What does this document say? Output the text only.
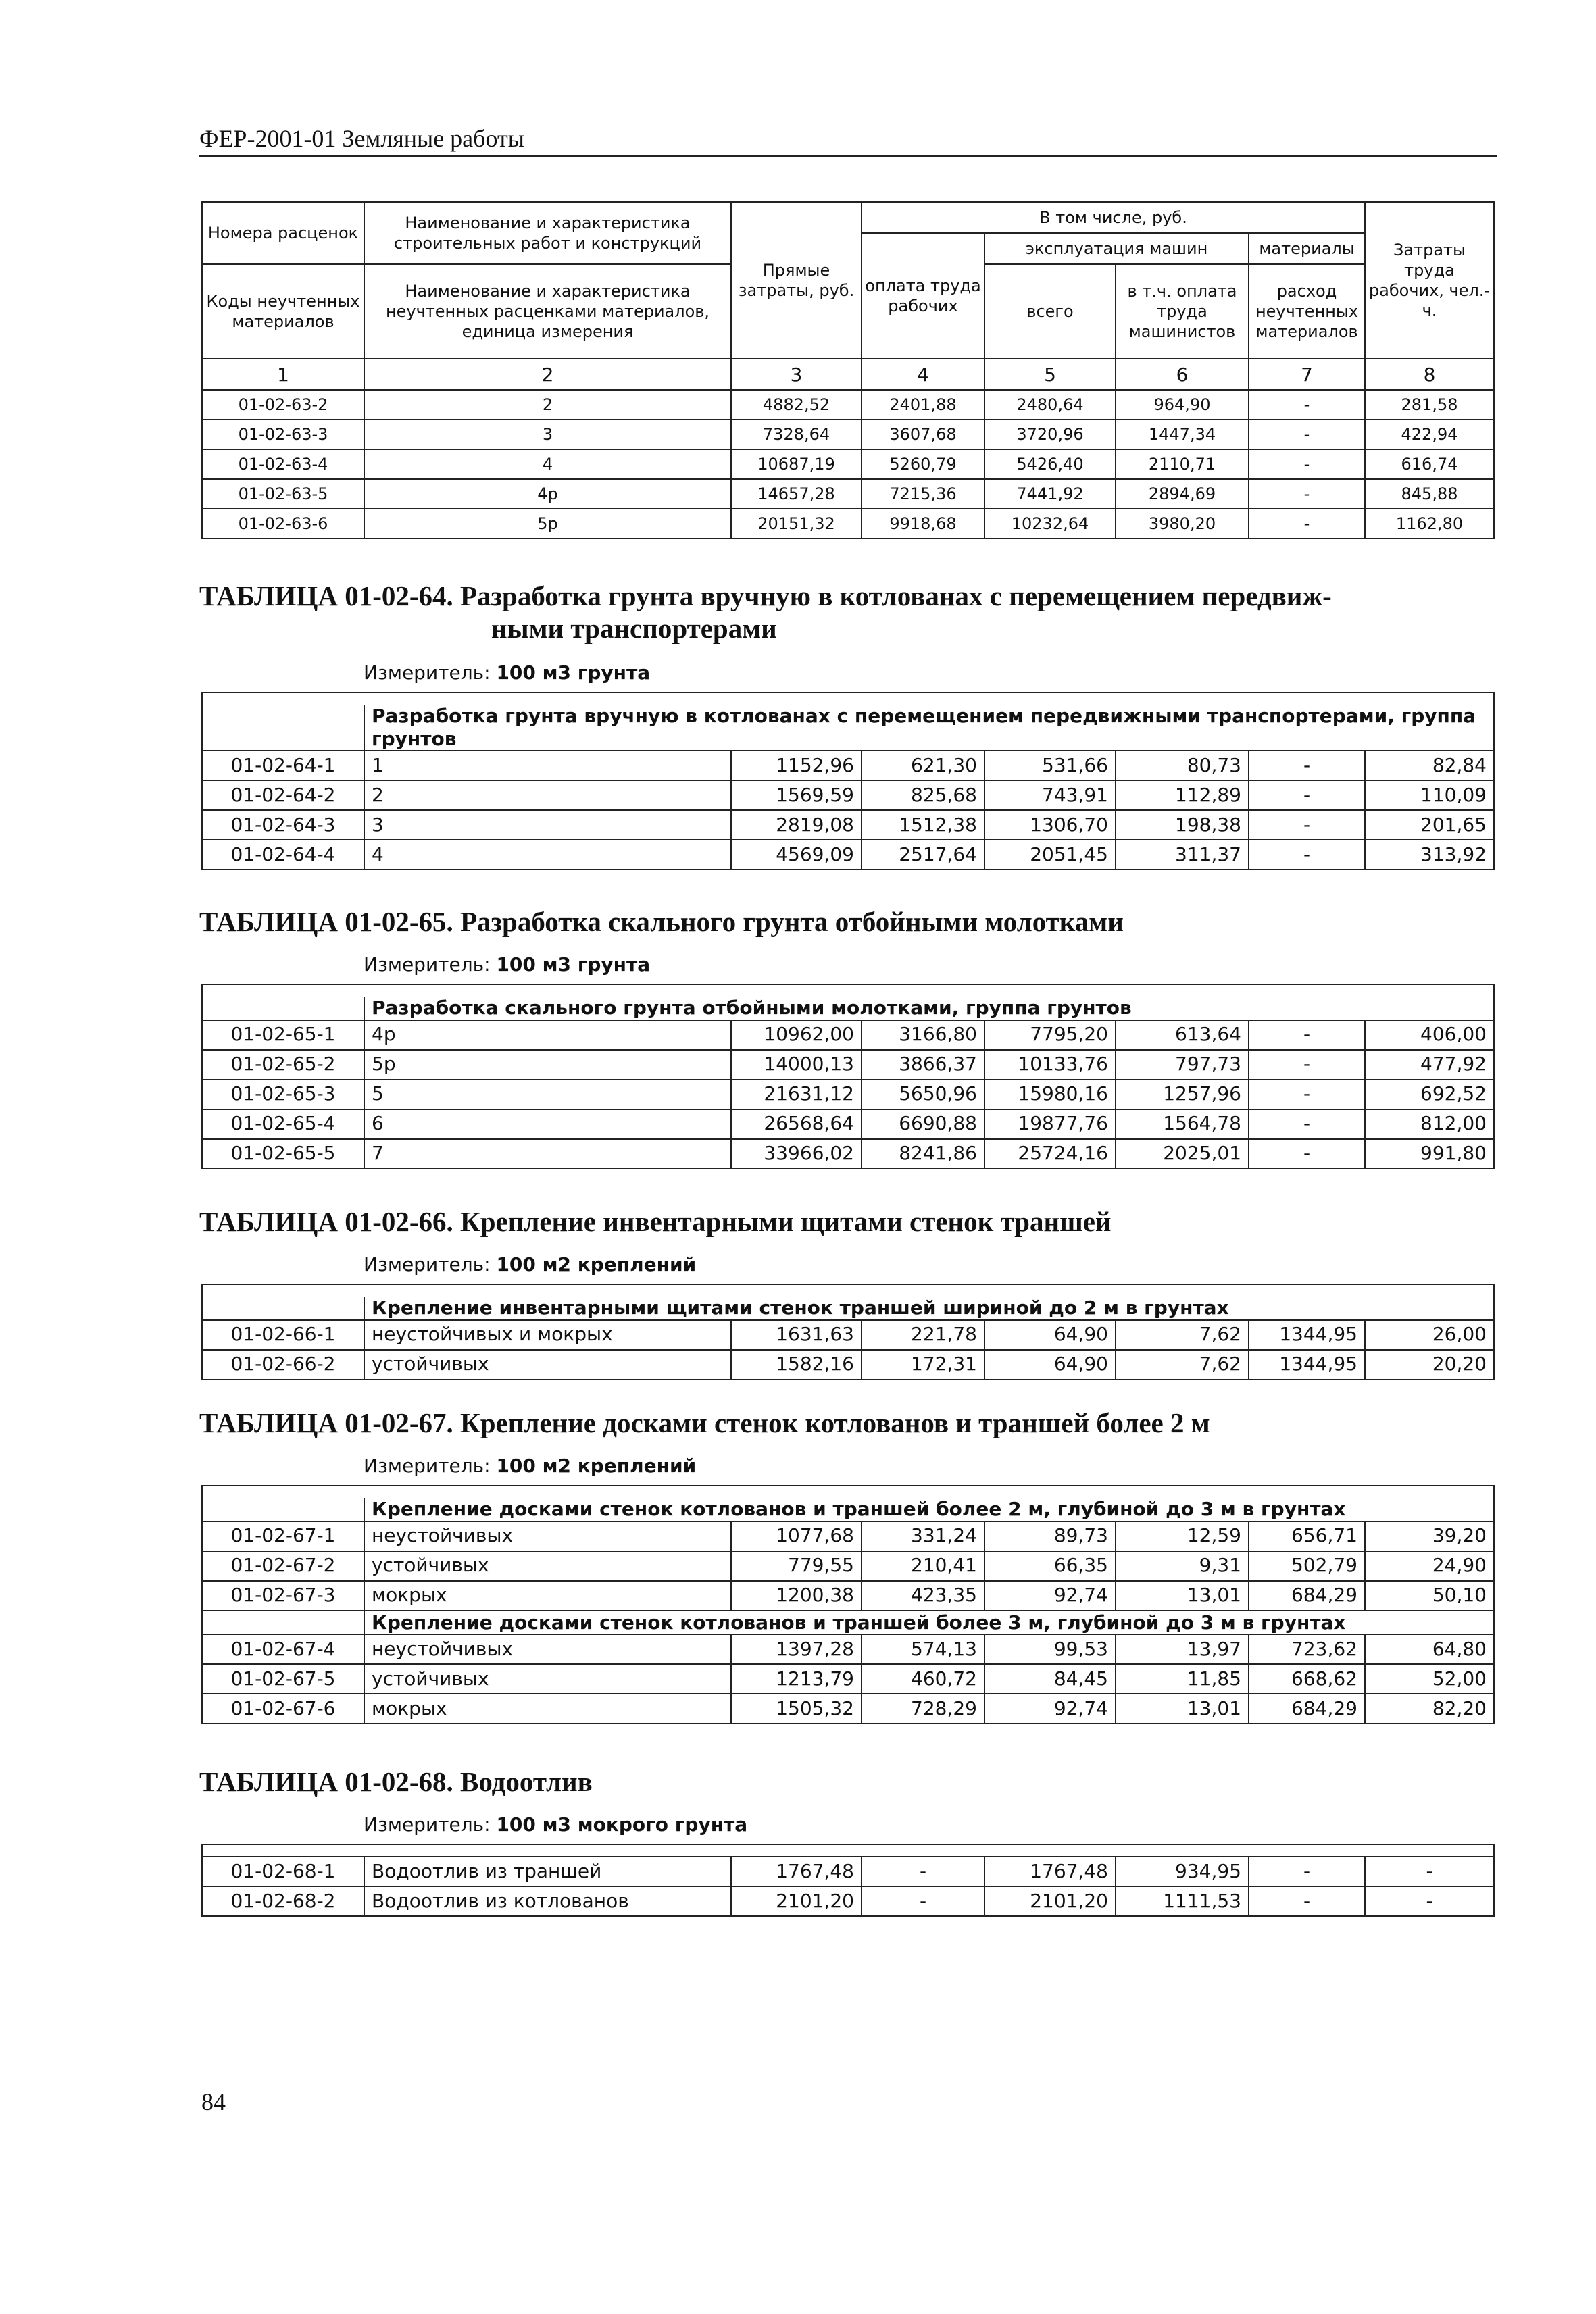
ФЕР-2001-01 Земляные работы
Номера расценок	Наименование и характеристика строительных работ и конструкций	Прямые затраты, руб.	В том числе, руб.				Затраты труда рабочих, чел.-ч.
			оплата труда рабочих	эксплуатация машин		материалы	
Коды неучтенных материалов	Наименование и характеристика неучтенных расценками материалов, единица измерения			всего	в т.ч. оплата труда машинистов	расход неучтенных материалов	

1	2	3	4	5	6	7	8
01-02-63-2	2	4882,52	2401,88	2480,64	964,90	-	281,58
01-02-63-3	3	7328,64	3607,68	3720,96	1447,34	-	422,94
01-02-63-4	4	10687,19	5260,79	5426,40	2110,71	-	616,74
01-02-63-5	4р	14657,28	7215,36	7441,92	2894,69	-	845,88
01-02-63-6	5р	20151,32	9918,68	10232,64	3980,20	-	1162,80
ТАБЛИЦА 01-02-64. Разработка грунта вручную в котлованах с перемещением передвиж-
ными транспортерами
Измеритель: 100 м3 грунта

	Разработка грунта вручную в котлованах с перемещением передвижными транспортерами, группа грунтов						
01-02-64-1	1	1152,96	621,30	531,66	80,73	-	82,84
01-02-64-2	2	1569,59	825,68	743,91	112,89	-	110,09
01-02-64-3	3	2819,08	1512,38	1306,70	198,38	-	201,65
01-02-64-4	4	4569,09	2517,64	2051,45	311,37	-	313,92
ТАБЛИЦА 01-02-65. Разработка скального грунта отбойными молотками
Измеритель: 100 м3 грунта

	Разработка скального грунта отбойными молотками, группа грунтов						
01-02-65-1	4р	10962,00	3166,80	7795,20	613,64	-	406,00
01-02-65-2	5р	14000,13	3866,37	10133,76	797,73	-	477,92
01-02-65-3	5	21631,12	5650,96	15980,16	1257,96	-	692,52
01-02-65-4	6	26568,64	6690,88	19877,76	1564,78	-	812,00
01-02-65-5	7	33966,02	8241,86	25724,16	2025,01	-	991,80
ТАБЛИЦА 01-02-66. Крепление инвентарными щитами стенок траншей
Измеритель: 100 м2 креплений

	Крепление инвентарными щитами стенок траншей шириной до 2 м в грунтах						
01-02-66-1	неустойчивых и мокрых	1631,63	221,78	64,90	7,62	1344,95	26,00
01-02-66-2	устойчивых	1582,16	172,31	64,90	7,62	1344,95	20,20
ТАБЛИЦА 01-02-67. Крепление досками стенок котлованов и траншей более 2 м
Измеритель: 100 м2 креплений

	Крепление досками стенок котлованов и траншей более 2 м, глубиной до 3 м в грунтах						
01-02-67-1	неустойчивых	1077,68	331,24	89,73	12,59	656,71	39,20
01-02-67-2	устойчивых	779,55	210,41	66,35	9,31	502,79	24,90
01-02-67-3	мокрых	1200,38	423,35	92,74	13,01	684,29	50,10
	Крепление досками стенок котлованов и траншей более 3 м, глубиной до 3 м в грунтах						
01-02-67-4	неустойчивых	1397,28	574,13	99,53	13,97	723,62	64,80
01-02-67-5	устойчивых	1213,79	460,72	84,45	11,85	668,62	52,00
01-02-67-6	мокрых	1505,32	728,29	92,74	13,01	684,29	82,20
ТАБЛИЦА 01-02-68. Водоотлив
Измеритель: 100 м3 мокрого грунта

01-02-68-1	Водоотлив из траншей	1767,48	-	1767,48	934,95	-	-
01-02-68-2	Водоотлив из котлованов	2101,20	-	2101,20	1111,53	-	-
84
